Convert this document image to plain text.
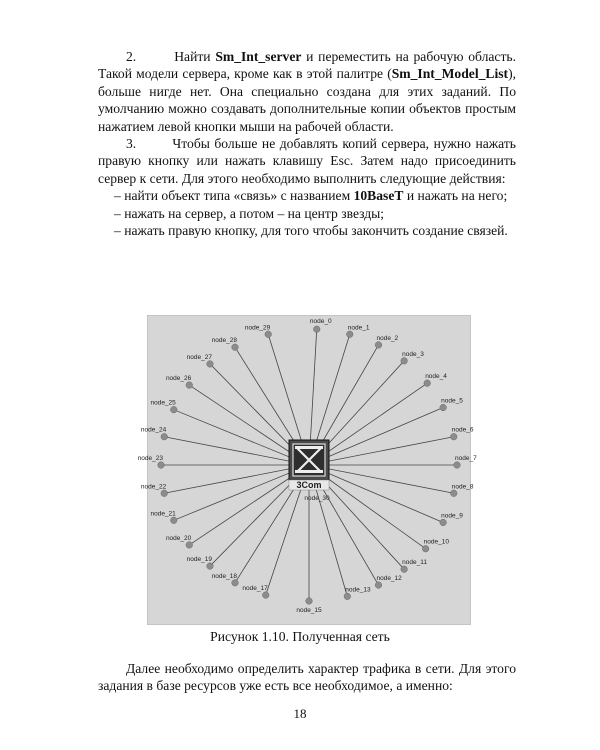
2.	Найти Sm_Int_server и переместить на рабочую область. Такой модели сервера, кроме как в этой палитре (Sm_Int_Model_List), больше нигде нет. Она специально создана для этих заданий. По умолчанию можно создавать дополнительные копии объектов простым нажатием левой кнопки мыши на рабочей области.

3.	Чтобы больше не добавлять копий сервера, нужно нажать правую кнопку или нажать клавишу Esc. Затем надо присоединить сервер к сети. Для этого необходимо выполнить следующие действия:

– найти объект типа «связь» с названием 10BaseT и нажать на него;

– нажать на сервер, а потом – на центр звезды;

– нажать правую кнопку, для того чтобы закончить создание связей.

node_0
node_1
node_2
node_3
node_4
node_5
node_6
node_7
node_8
node_9
node_10
node_11
node_12
node_13
node_15
node_17
node_18
node_19
node_20
node_21
node_22
node_23
node_24
node_25
node_26
node_27
node_28
node_29
3Com
node_30
Рисунок 1.10. Полученная сеть

Далее необходимо определить характер трафика в сети. Для этого задания в базе ресурсов уже есть все необходимое, а именно:

18
